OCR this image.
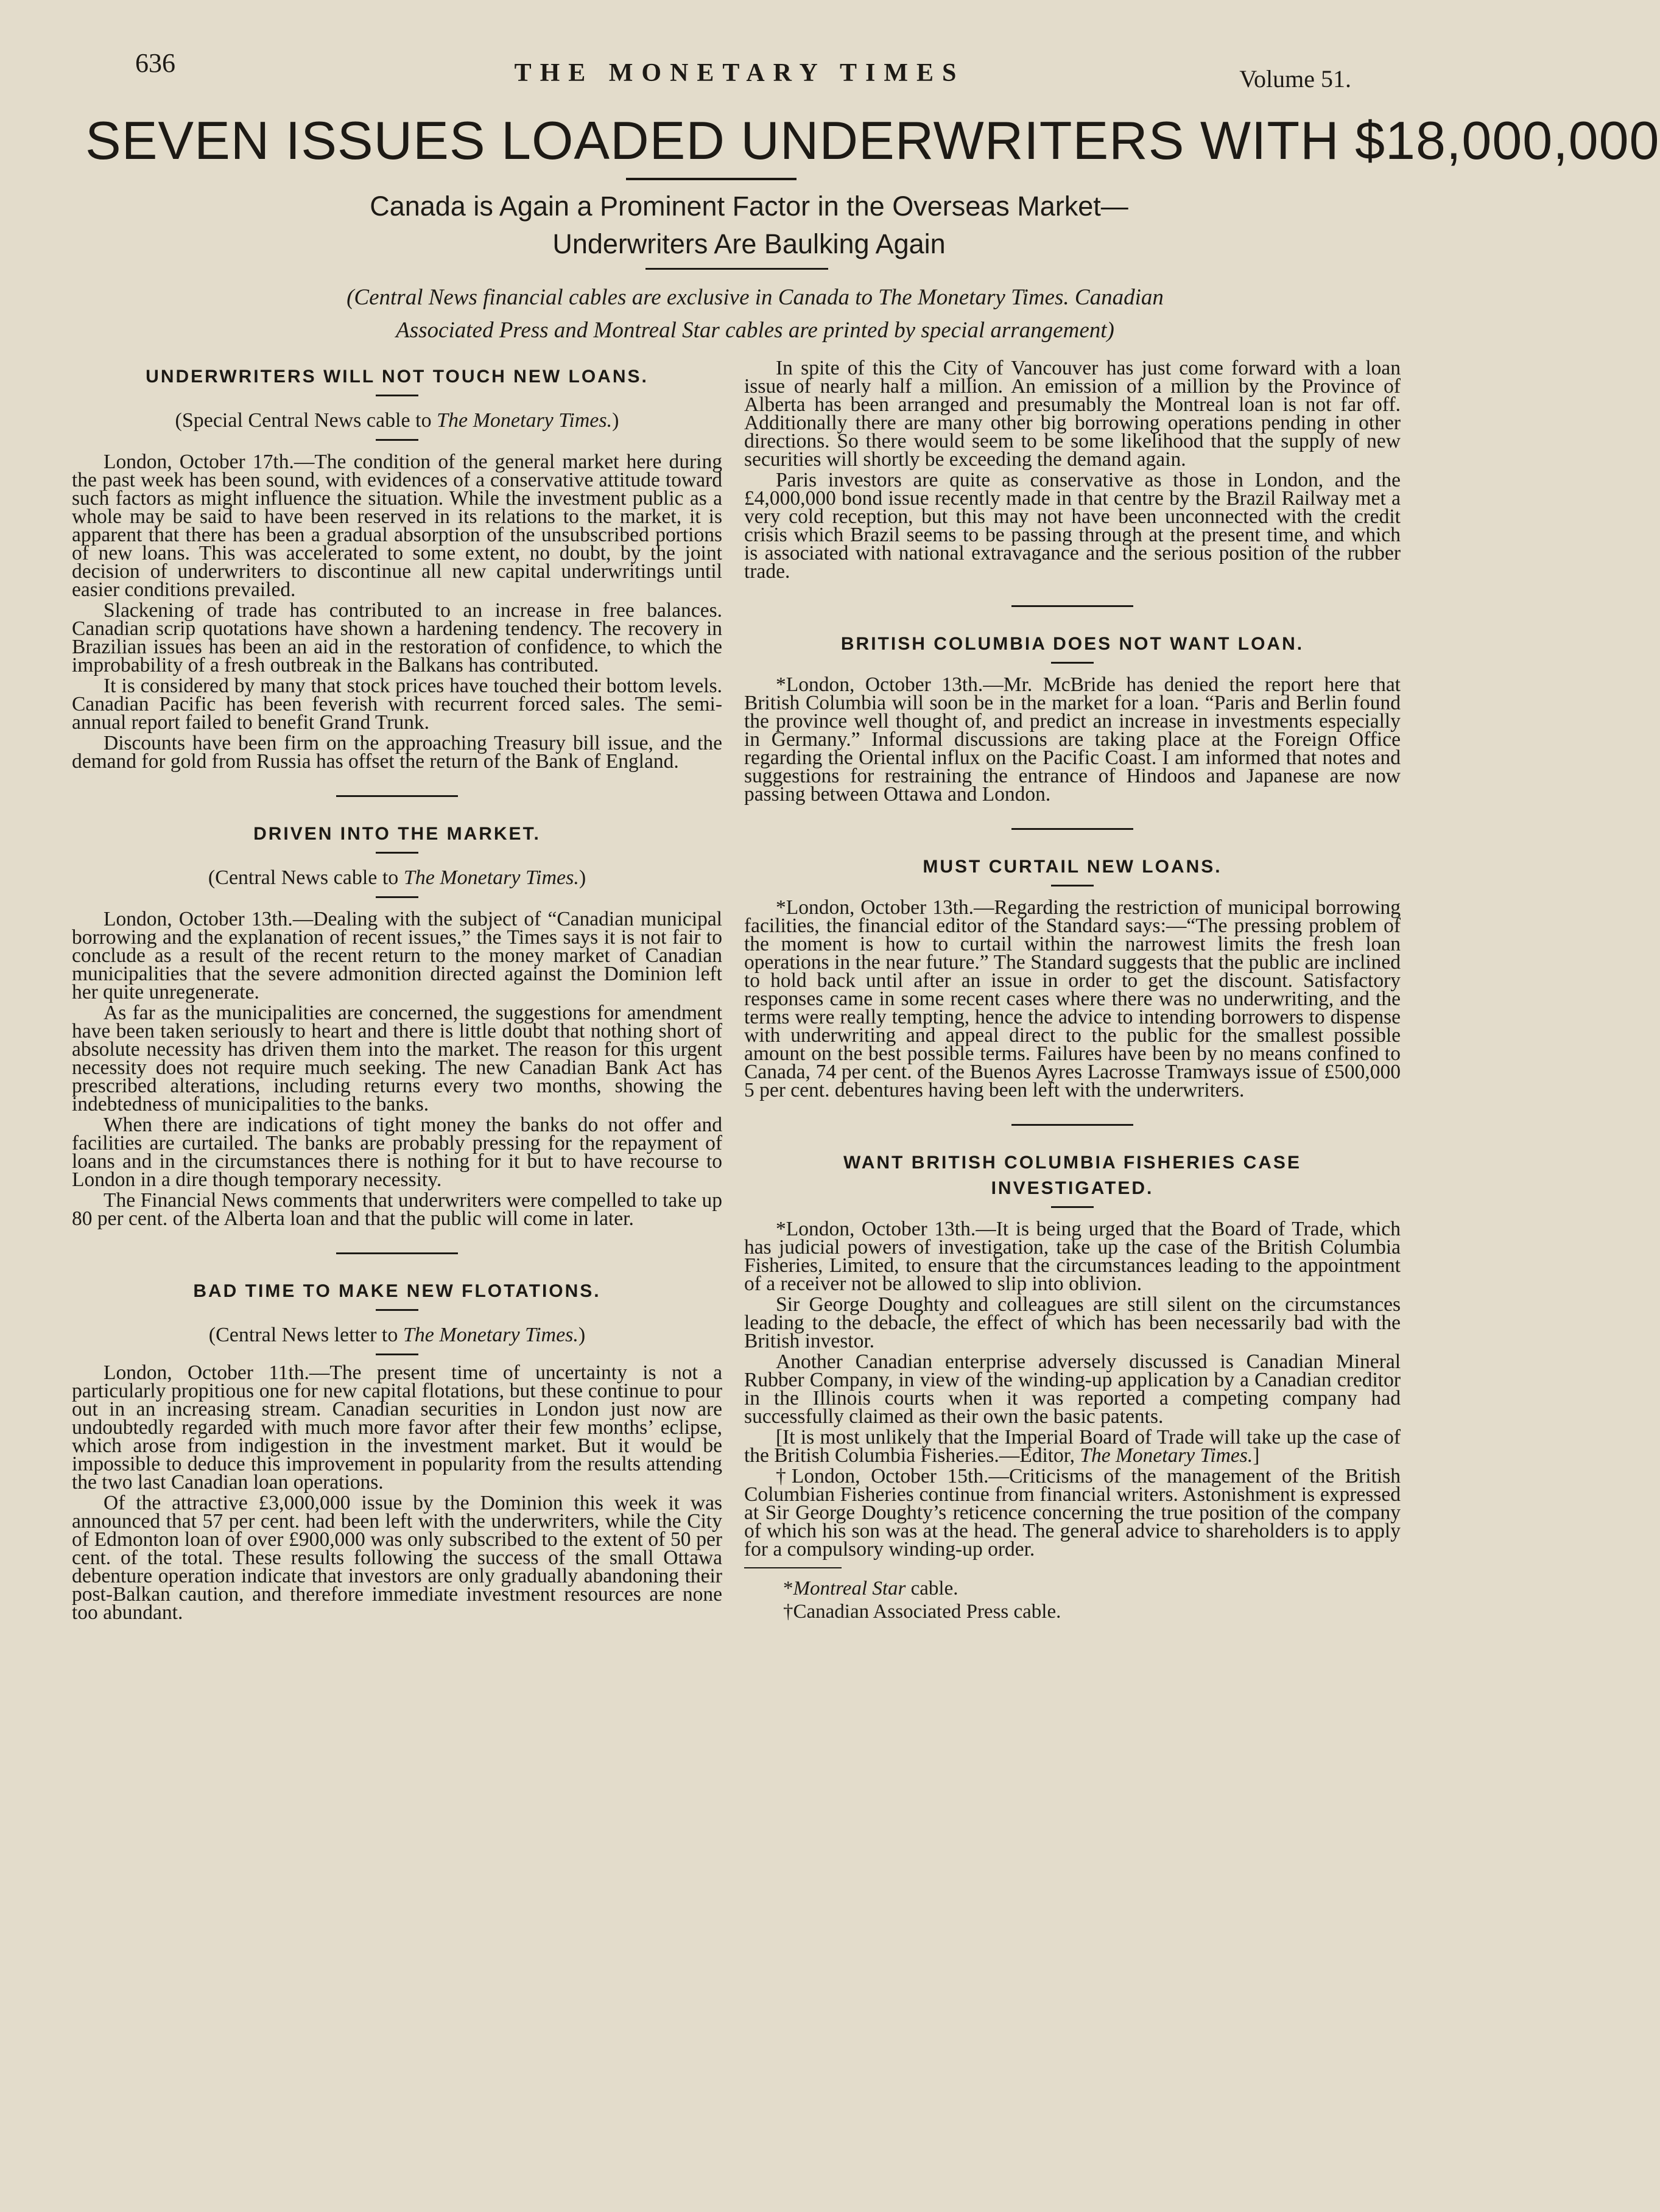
636	THE MONETARY TIMES	Volume 51.
SEVEN ISSUES LOADED UNDERWRITERS WITH $18,000,000
Canada is Again a Prominent Factor in the Overseas Market—
Underwriters Are Baulking Again
(Central News financial cables are exclusive in Canada to The Monetary Times. Canadian
Associated Press and Montreal Star cables are printed by special arrangement)
UNDERWRITERS WILL NOT TOUCH NEW LOANS.
(Special Central News cable to The Monetary Times.)

London, October 17th.—The condition of the general market here during the past week has been sound, with evidences of a conservative attitude toward such factors as might influence the situation. While the investment public as a whole may be said to have been reserved in its relations to the market, it is apparent that there has been a gradual absorption of the unsubscribed portions of new loans. This was accelerated to some extent, no doubt, by the joint decision of underwriters to discontinue all new capital underwritings until easier conditions prevailed.

Slackening of trade has contributed to an increase in free balances. Canadian scrip quotations have shown a hardening tendency. The recovery in Brazilian issues has been an aid in the restoration of confidence, to which the improbability of a fresh outbreak in the Balkans has contributed.

It is considered by many that stock prices have touched their bottom levels. Canadian Pacific has been feverish with recurrent forced sales. The semi-annual report failed to benefit Grand Trunk.

Discounts have been firm on the approaching Treasury bill issue, and the demand for gold from Russia has offset the return of the Bank of England.

DRIVEN INTO THE MARKET.
(Central News cable to The Monetary Times.)

London, October 13th.—Dealing with the subject of “Canadian municipal borrowing and the explanation of recent issues,” the Times says it is not fair to conclude as a result of the recent return to the money market of Canadian municipalities that the severe admonition directed against the Dominion left her quite unregenerate.

As far as the municipalities are concerned, the suggestions for amendment have been taken seriously to heart and there is little doubt that nothing short of absolute necessity has driven them into the market. The reason for this urgent necessity does not require much seeking. The new Canadian Bank Act has prescribed alterations, including returns every two months, showing the indebtedness of municipalities to the banks.

When there are indications of tight money the banks do not offer and facilities are curtailed. The banks are probably pressing for the repayment of loans and in the circumstances there is nothing for it but to have recourse to London in a dire though temporary necessity.

The Financial News comments that underwriters were compelled to take up 80 per cent. of the Alberta loan and that the public will come in later.

BAD TIME TO MAKE NEW FLOTATIONS.
(Central News letter to The Monetary Times.)

London, October 11th.—The present time of uncertainty is not a particularly propitious one for new capital flotations, but these continue to pour out in an increasing stream. Canadian securities in London just now are undoubtedly regarded with much more favor after their few months’ eclipse, which arose from indigestion in the investment market. But it would be impossible to deduce this improvement in popularity from the results attending the two last Canadian loan operations.

Of the attractive £3,000,000 issue by the Dominion this week it was announced that 57 per cent. had been left with the underwriters, while the City of Edmonton loan of over £900,000 was only subscribed to the extent of 50 per cent. of the total. These results following the success of the small Ottawa debenture operation indicate that investors are only gradually abandoning their post-Balkan caution, and therefore immediate investment resources are none too abundant.

In spite of this the City of Vancouver has just come forward with a loan issue of nearly half a million. An emission of a million by the Province of Alberta has been arranged and presumably the Montreal loan is not far off. Additionally there are many other big borrowing operations pending in other directions. So there would seem to be some likelihood that the supply of new securities will shortly be exceeding the demand again.

Paris investors are quite as conservative as those in London, and the £4,000,000 bond issue recently made in that centre by the Brazil Railway met a very cold reception, but this may not have been unconnected with the credit crisis which Brazil seems to be passing through at the present time, and which is associated with national extravagance and the serious position of the rubber trade.

BRITISH COLUMBIA DOES NOT WANT LOAN.

*London, October 13th.—Mr. McBride has denied the report here that British Columbia will soon be in the market for a loan. “Paris and Berlin found the province well thought of, and predict an increase in investments especially in Germany.” Informal discussions are taking place at the Foreign Office regarding the Oriental influx on the Pacific Coast. I am informed that notes and suggestions for restraining the entrance of Hindoos and Japanese are now passing between Ottawa and London.

MUST CURTAIL NEW LOANS.

*London, October 13th.—Regarding the restriction of municipal borrowing facilities, the financial editor of the Standard says:—“The pressing problem of the moment is how to curtail within the narrowest limits the fresh loan operations in the near future.” The Standard suggests that the public are inclined to hold back until after an issue in order to get the discount. Satisfactory responses came in some recent cases where there was no underwriting, and the terms were really tempting, hence the advice to intending borrowers to dispense with underwriting and appeal direct to the public for the smallest possible amount on the best possible terms. Failures have been by no means confined to Canada, 74 per cent. of the Buenos Ayres Lacrosse Tramways issue of £500,000 5 per cent. debentures having been left with the underwriters.

WANT BRITISH COLUMBIA FISHERIES CASE
INVESTIGATED.

*London, October 13th.—It is being urged that the Board of Trade, which has judicial powers of investigation, take up the case of the British Columbia Fisheries, Limited, to ensure that the circumstances leading to the appointment of a receiver not be allowed to slip into oblivion.

Sir George Doughty and colleagues are still silent on the circumstances leading to the debacle, the effect of which has been necessarily bad with the British investor.

Another Canadian enterprise adversely discussed is Canadian Mineral Rubber Company, in view of the winding-up application by a Canadian creditor in the Illinois courts when it was reported a competing company had successfully claimed as their own the basic patents.

[It is most unlikely that the Imperial Board of Trade will take up the case of the British Columbia Fisheries.—Editor, The Monetary Times.]

†London, October 15th.—Criticisms of the management of the British Columbian Fisheries continue from financial writers. Astonishment is expressed at Sir George Doughty’s reticence concerning the true position of the company of which his son was at the head. The general advice to shareholders is to apply for a compulsory winding-up order.

*Montreal Star cable.
†Canadian Associated Press cable.
